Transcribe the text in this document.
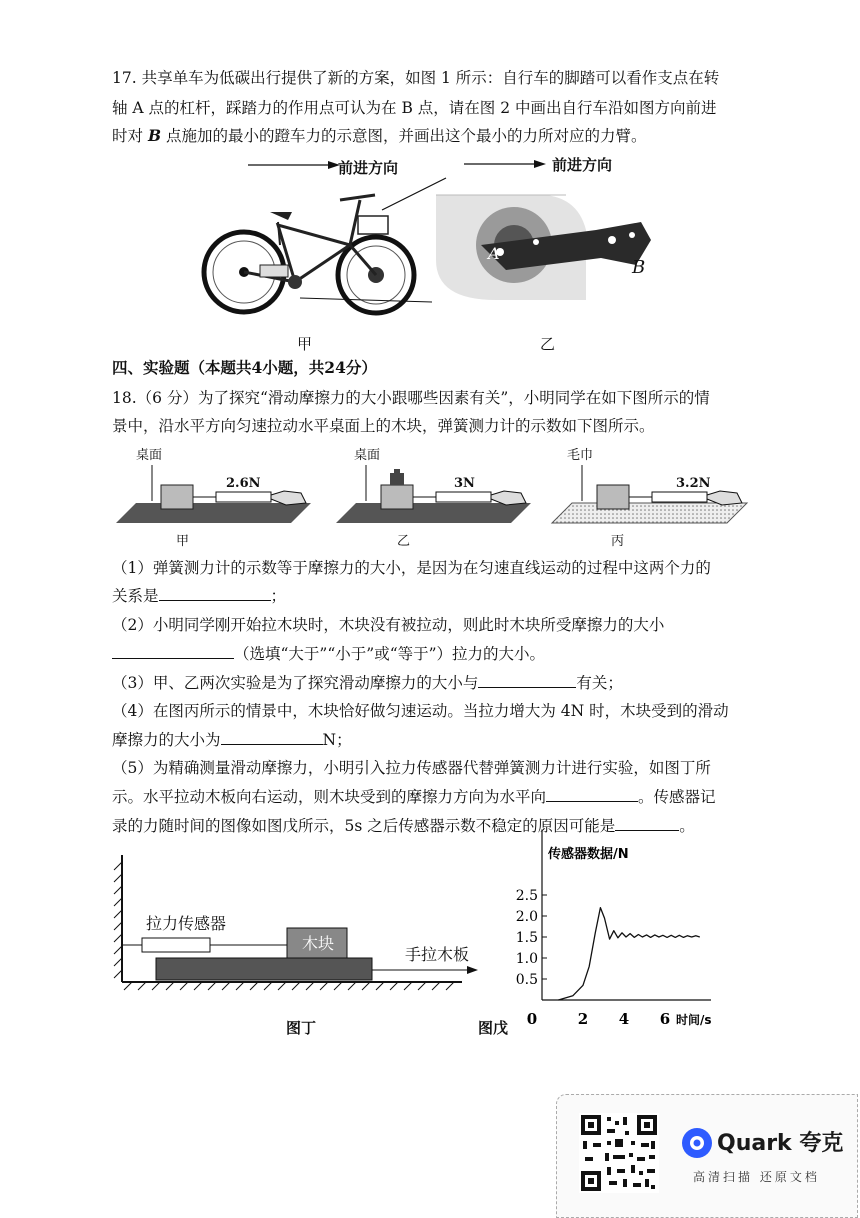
17. 共享单车为低碳出行提供了新的方案，如图 1 所示：自行车的脚踏可以看作支点在转
轴 A 点的杠杆，踩踏力的作用点可认为在 B 点，请在图 2 中画出自行车沿如图方向前进
时对 B 点施加的最小的蹬车力的示意图，并画出这个最小的力所对应的力臂。
前进方向
甲
前进方向
A
B
乙
四、实验题（本题共4小题，共24分）
18.（6 分）为了探究“滑动摩擦力的大小跟哪些因素有关”，小明同学在如下图所示的情
景中，沿水平方向匀速拉动水平桌面上的木块，弹簧测力计的示数如下图所示。
桌面
2.6N
甲
桌面
3N
乙
毛巾
3.2N
丙
（1）弹簧测力计的示数等于摩擦力的大小，是因为在匀速直线运动的过程中这两个力的
关系是	；
（2）小明同学刚开始拉木块时，木块没有被拉动，则此时木块所受摩擦力的大小
（选填“大于”“小于”或“等于”）拉力的大小。
（3）甲、乙两次实验是为了探究滑动摩擦力的大小与	有关；
（4）在图丙所示的情景中，木块恰好做匀速运动。当拉力增大为 4N 时，木块受到的滑动
摩擦力的大小为	N；
（5）为精确测量滑动摩擦力，小明引入拉力传感器代替弹簧测力计进行实验，如图丁所
示。水平拉动木板向右运动，则木块受到的摩擦力方向为水平向	。传感器记
录的力随时间的图像如图戊所示，5s 之后传感器示数不稳定的原因可能是	。
拉力传感器
木块
手拉木板
图丁	图戊
传感器数据/N
时间/s
0.5
1.0
1.5
2.0
2.5
0	2 4 6
Quark 夸克
高清扫描 还原文档
